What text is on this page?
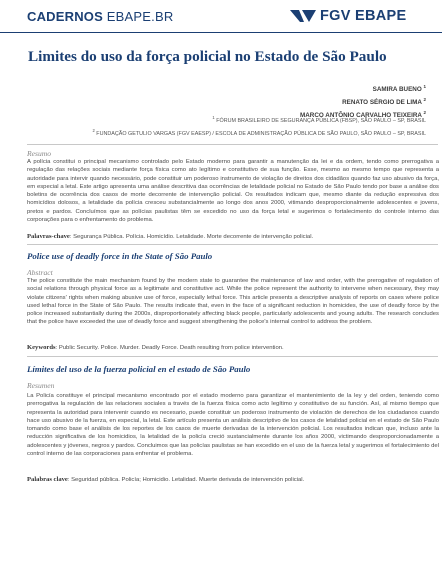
CADERNOS EBAPE.BR	FGV EBAPE
Limites do uso da força policial no Estado de São Paulo
SAMIRA BUENO $^1$
RENATO SÉRGIO DE LIMA $^2$
MARCO ANTÔNIO CARVALHO TEIXEIRA $^2$
$^1$ FÓRUM BRASILEIRO DE SEGURANÇA PÚBLICA (FBSP), SÃO PAULO – SP, BRASIL
$^2$ FUNDAÇÃO GETULIO VARGAS (FGV EAESP) / ESCOLA DE ADMINISTRAÇÃO PÚBLICA DE SÃO PAULO, SÃO PAULO – SP, BRASIL
Resumo
A polícia constitui o principal mecanismo controlado pelo Estado moderno para garantir a manutenção da lei e da ordem, tendo como prerrogativa a regulação das relações sociais mediante força física como ato legítimo e constitutivo de sua função. Esse, mesmo ao mesmo tempo que representa a autoridade para intervir quando necessário, pode constituir um poderoso instrumento de violação de direitos dos cidadãos quando faz uso abusivo da força, em especial a letal. Este artigo apresenta uma análise descritiva das ocorrências de letalidade policial no Estado de São Paulo tendo por base a análise dos boletins de ocorrência dos casos de morte decorrente de intervenção policial. Os resultados indicam que, mesmo diante da redução expressiva dos homicídios dolosos, a letalidade da polícia cresceu substancialmente ao longo dos anos 2000, vitimando desproporcionalmente adolescentes e jovens, pretos e pardos. Concluímos que as polícias paulistas têm se excedido no uso da força letal e sugerimos o fortalecimento do controle interno das corporações para o enfrentamento do problema.
Palavras-chave: Segurança Pública. Polícia. Homicídio. Letalidade. Morte decorrente de intervenção policial.
Police use of deadly force in the State of São Paulo
Abstract
The police constitute the main mechanism found by the modern state to guarantee the maintenance of law and order, with the prerogative of regulation of social relations through physical force as a legitimate and constitutive act. While the police represent the authority to intervene when necessary, they may violate citizens' rights when making abusive use of force, especially lethal force. This article presents a descriptive analysis of reports on cases where police used lethal force in the State of São Paulo. The results indicate that, even in the face of a significant reduction in homicides, the use of deadly force by the police increased substantially during the 2000s, disproportionately affecting black people, particularly adolescents and young adults. The research concludes that the police have exceeded the use of deadly force and suggest strengthening the police's internal control to address the problem.
Keywords: Public Security. Police. Murder. Deadly Force. Death resulting from police intervention.
Límites del uso de la fuerza policial en el estado de São Paulo
Resumen
La Policía constituye el principal mecanismo encontrado por el estado moderno para garantizar el mantenimiento de la ley y del orden, teniendo como prerrogativa la regulación de las relaciones sociales a través de la fuerza física como acto legítimo y constitutivo de su función. Así, al mismo tiempo que representa la autoridad para intervenir cuando es necesario, puede constituir un poderoso instrumento de violación de derechos de los ciudadanos cuando hace uso abusivo de la fuerza, en especial, la letal. Este artículo presenta un análisis descriptivo de los casos de letalidad policial en el estado de São Paulo tomando como base el análisis de los reportes de los casos de muerte derivadas de la intervención policial. Los resultados indican que, incluso ante la reducción significativa de los homicidios, la letalidad de la policía creció sustancialmente durante los años 2000, victimando desproporcionadamente a adolescentes y jóvenes, negros y pardos. Concluimos que las policías paulistas se han excedido en el uso de la fuerza letal y sugerimos el fortalecimiento del control interno de las corporaciones para enfrentar el problema.
Palabras clave: Seguridad pública. Policía; Homicidio. Letalidad. Muerte derivada de intervención policial.
